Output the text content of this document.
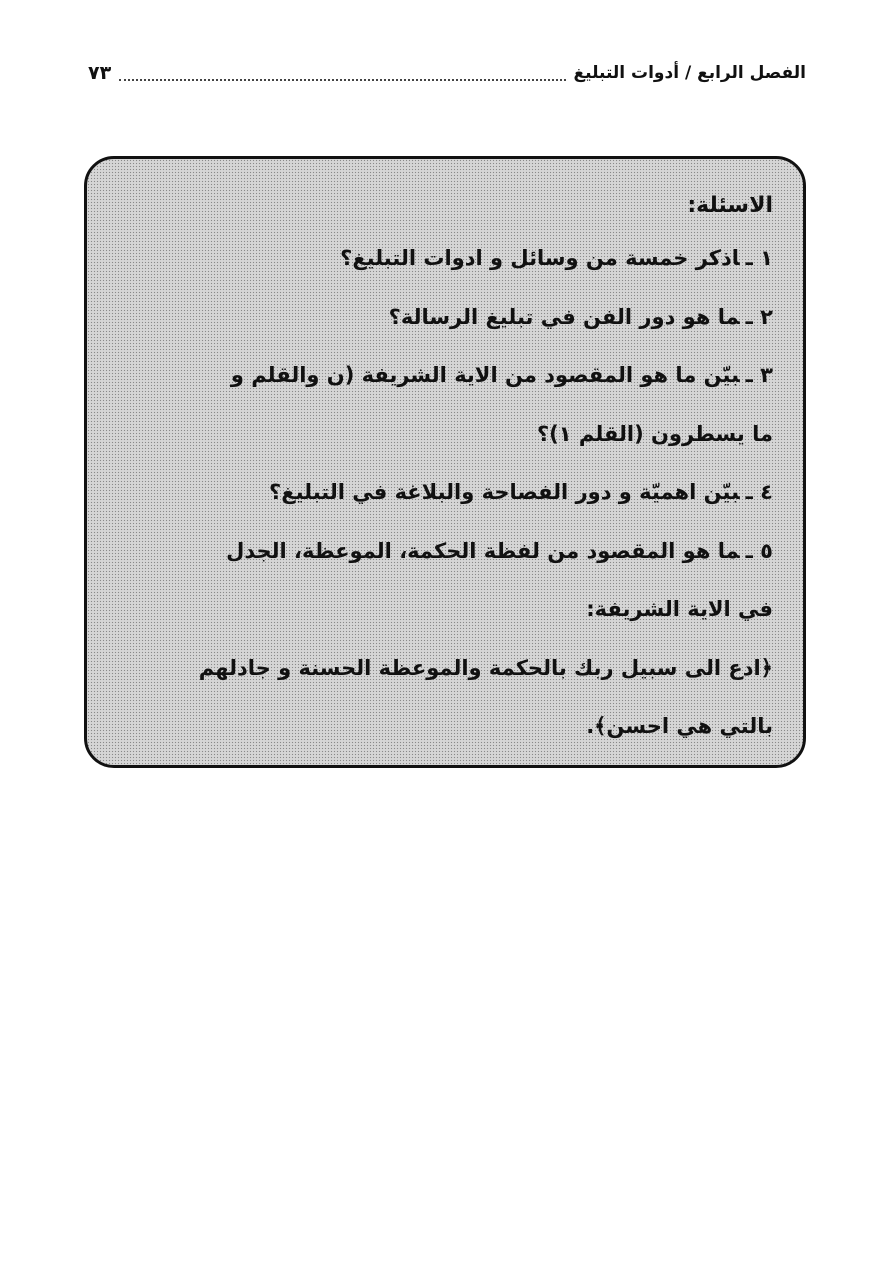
الفصل الرابع / أدوات التبليغ
٧٣
الاسئلة:
١ ـاذكر خمسة من وسائل و ادوات التبليغ؟
٢ ـما هو دور الفن في تبليغ الرسالة؟
٣ ـبيّن ما هو المقصود من الاية الشريفة (ن والقلم و
ما يسطرون (القلم ١)؟
٤ ـبيّن اهميّة و دور الفصاحة والبلاغة في التبليغ؟
٥ ـما هو المقصود من لفظة الحكمة، الموعظة، الجدل
في الاية الشريفة:
﴿ادع الى سبيل ربك بالحكمة والموعظة الحسنة و جادلهم
بالتي هي احسن﴾.
